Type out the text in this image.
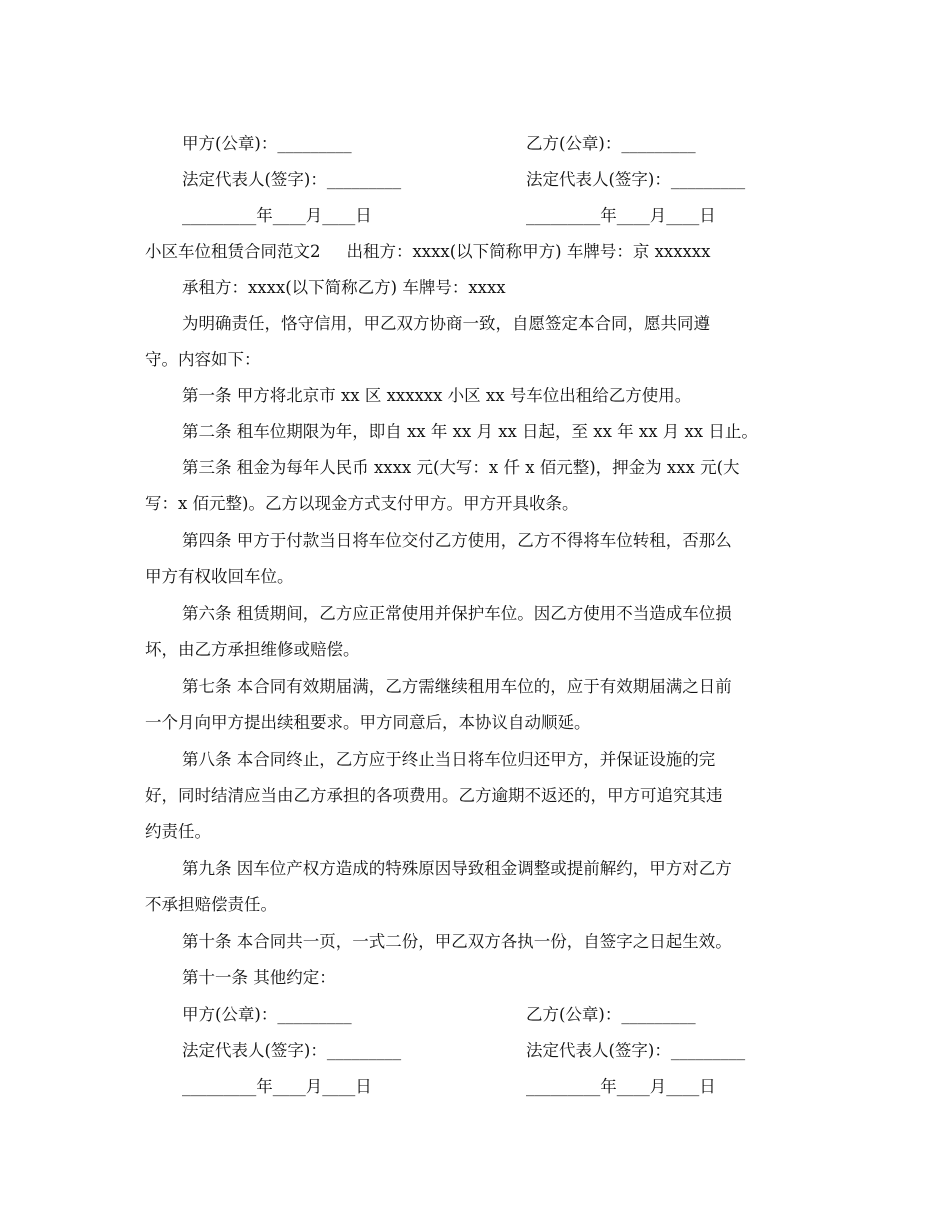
甲方(公章)：_________	乙方(公章)：_________
法定代表人(签字)：_________	法定代表人(签字)：_________
_________年____月____日	_________年____月____日
小区车位租赁合同范文2 出租方：xxxx(以下简称甲方) 车牌号：京 xxxxxx
承租方：xxxx(以下简称乙方) 车牌号：xxxx
为明确责任，恪守信用，甲乙双方协商一致，自愿签定本合同，愿共同遵
守。内容如下：
第一条 甲方将北京市 xx 区 xxxxxx 小区 xx 号车位出租给乙方使用。
第二条 租车位期限为年，即自 xx 年 xx 月 xx 日起，至 xx 年 xx 月 xx 日止。
第三条 租金为每年人民币 xxxx 元(大写：x 仟 x 佰元整)，押金为 xxx 元(大
写：x 佰元整)。乙方以现金方式支付甲方。甲方开具收条。
第四条 甲方于付款当日将车位交付乙方使用，乙方不得将车位转租，否那么
甲方有权收回车位。
第六条 租赁期间，乙方应正常使用并保护车位。因乙方使用不当造成车位损
坏，由乙方承担维修或赔偿。
第七条 本合同有效期届满，乙方需继续租用车位的，应于有效期届满之日前
一个月向甲方提出续租要求。甲方同意后，本协议自动顺延。
第八条 本合同终止，乙方应于终止当日将车位归还甲方，并保证设施的完
好，同时结清应当由乙方承担的各项费用。乙方逾期不返还的，甲方可追究其违
约责任。
第九条 因车位产权方造成的特殊原因导致租金调整或提前解约，甲方对乙方
不承担赔偿责任。
第十条 本合同共一页，一式二份，甲乙双方各执一份，自签字之日起生效。
第十一条 其他约定：
甲方(公章)：_________	乙方(公章)：_________
法定代表人(签字)：_________	法定代表人(签字)：_________
_________年____月____日	_________年____月____日
